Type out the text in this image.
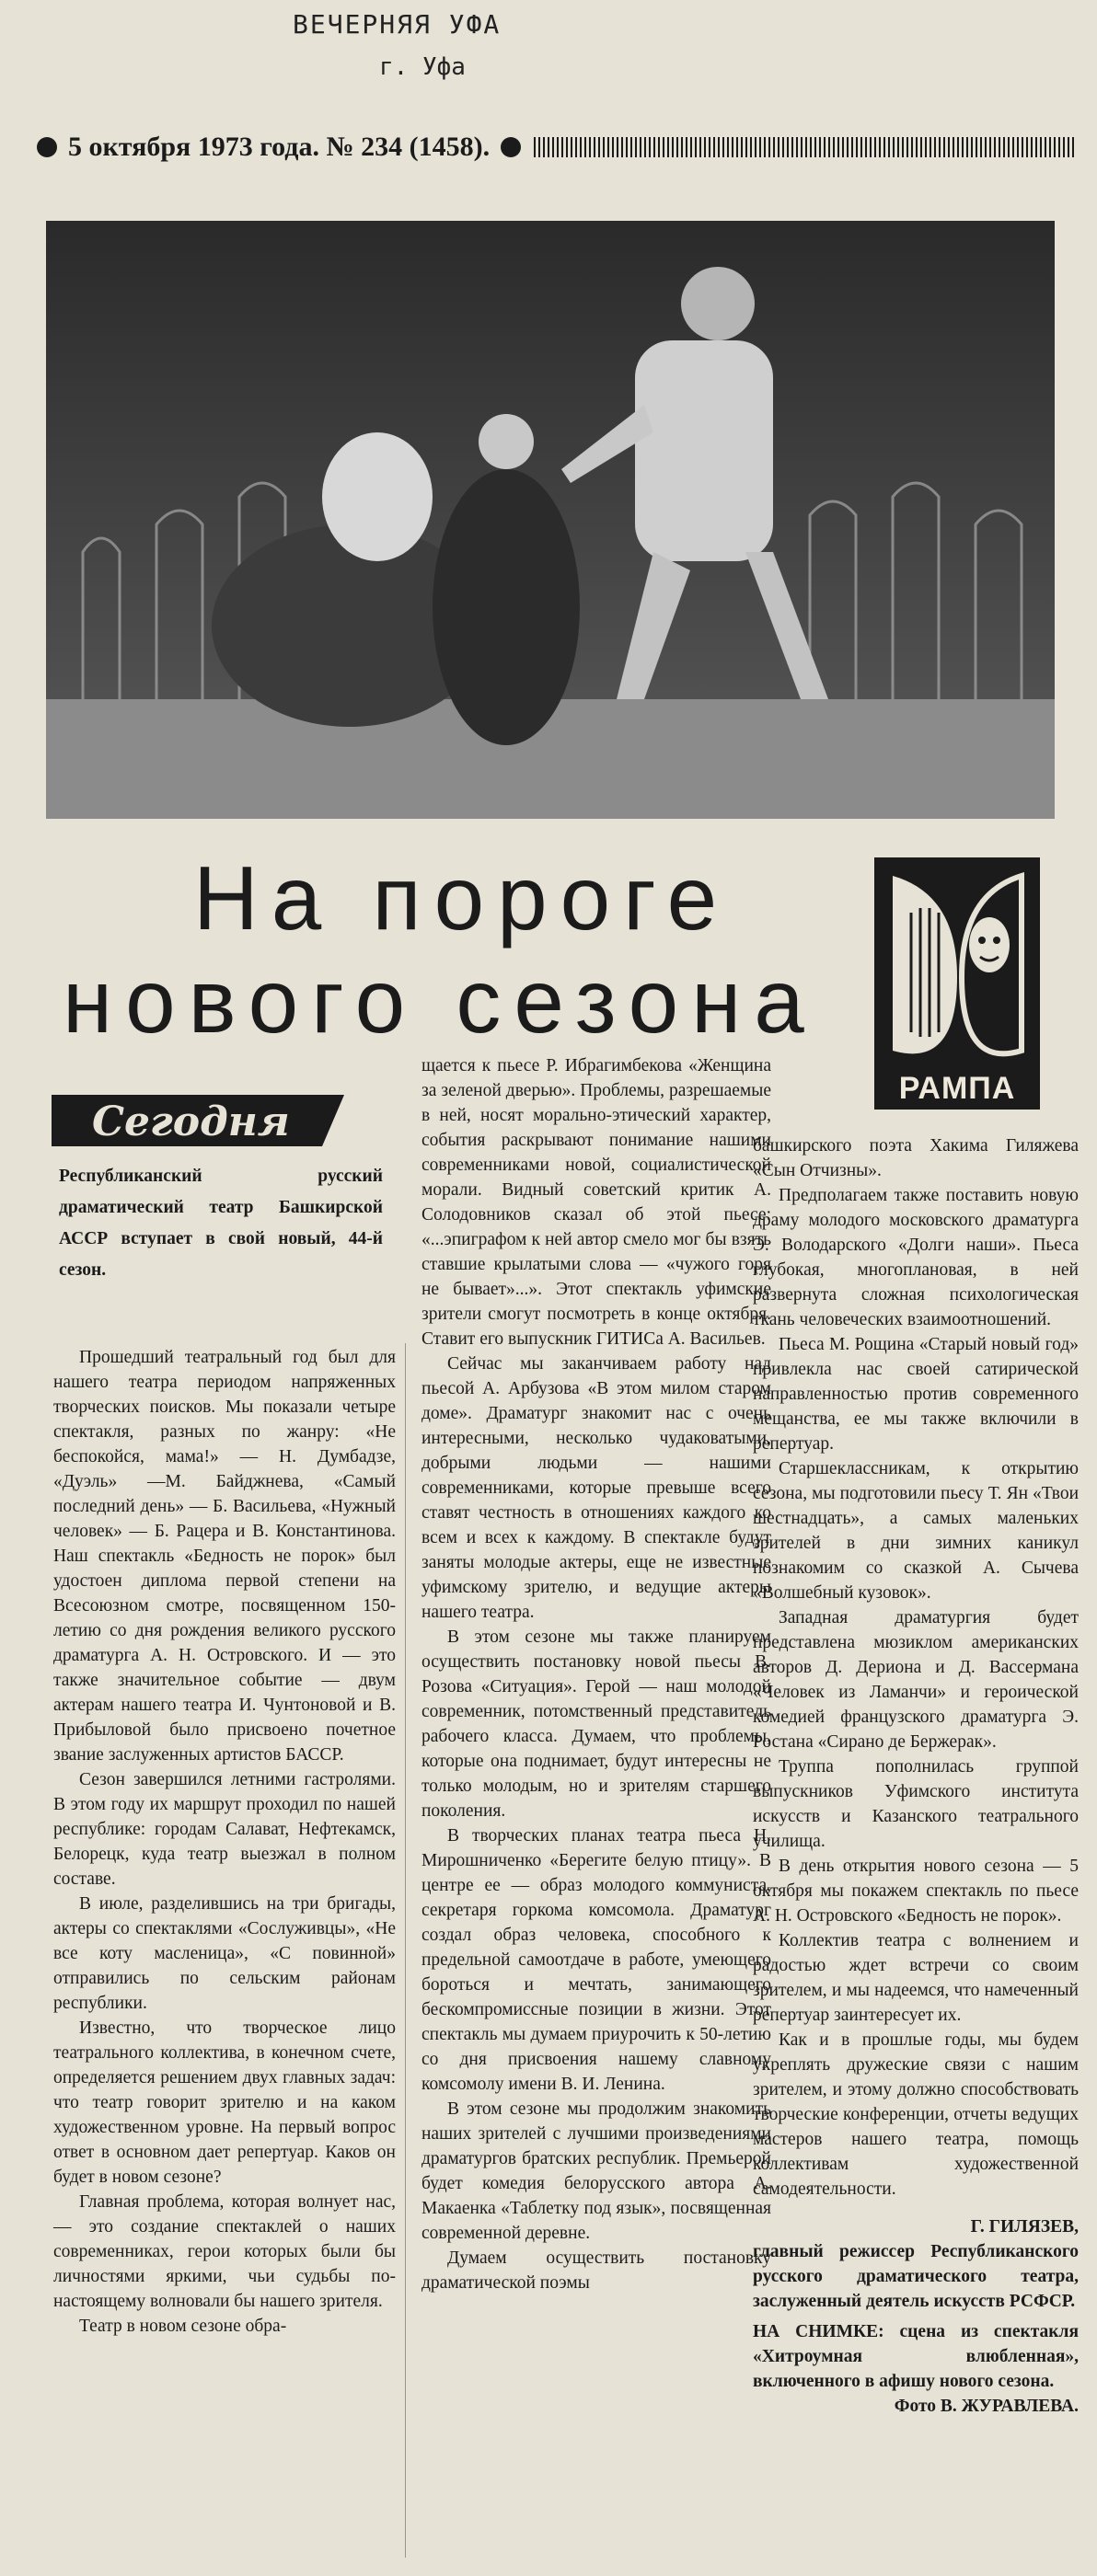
ВЕЧЕРНЯЯ УФА
г. Уфа
5 октября 1973 года. № 234 (1458).
На пороге
нового сезона
РАМПА
Сегодня
Республиканский русский драматический театр Башкирской АССР вступает в свой новый, 44-й сезон.

Прошедший театральный год был для нашего театра периодом напряженных творческих поисков. Мы показали четыре спектакля, разных по жанру: «Не беспокойся, мама!» — Н. Думбадзе, «Дуэль» —М. Байджнева, «Самый последний день» — Б. Васильева, «Нужный человек» — Б. Рацера и В. Константинова. Наш спектакль «Бедность не порок» был удостоен диплома первой степени на Всесоюзном смотре, посвященном 150-летию со дня рождения великого русского драматурга А. Н. Островского. И — это также значительное событие — двум актерам нашего театра И. Чунтоновой и В. Прибыловой было присвоено почетное звание заслуженных артистов БАССР.

Сезон завершился летними гастролями. В этом году их маршрут проходил по нашей республике: городам Салават, Нефтекамск, Белорецк, куда театр выезжал в полном составе.

В июле, разделившись на три бригады, актеры со спектаклями «Сослуживцы», «Не все коту масленица», «С повинной» отправились по сельским районам республики.

Известно, что творческое лицо театрального коллектива, в конечном счете, определяется решением двух главных задач: что театр говорит зрителю и на каком художественном уровне. На первый вопрос ответ в основном дает репертуар. Каков он будет в новом сезоне?

Главная проблема, которая волнует нас, — это создание спектаклей о наших современниках, герои которых были бы личностями яркими, чьи судьбы по-настоящему волновали бы нашего зрителя.

Театр в новом сезоне обра-

щается к пьесе Р. Ибрагимбекова «Женщина за зеленой дверью». Проблемы, разрешаемые в ней, носят морально-этический характер, события раскрывают понимание нашими современниками новой, социалистической морали. Видный советский критик А. Солодовников сказал об этой пьесе: «...эпиграфом к ней автор смело мог бы взять ставшие крылатыми слова — «чужого горя не бывает»...». Этот спектакль уфимские зрители смогут посмотреть в конце октября. Ставит его выпускник ГИТИСа А. Васильев.

Сейчас мы заканчиваем работу над пьесой А. Арбузова «В этом милом старом доме». Драматург знакомит нас с очень интересными, несколько чудаковатыми, добрыми людьми — нашими современниками, которые превыше всего ставят честность в отношениях каждого ко всем и всех к каждому. В спектакле будут заняты молодые актеры, еще не известные уфимскому зрителю, и ведущие актеры нашего театра.

В этом сезоне мы также планируем осуществить постановку новой пьесы В. Розова «Ситуация». Герой — наш молодой современник, потомственный представитель рабочего класса. Думаем, что проблемы, которые она поднимает, будут интересны не только молодым, но и зрителям старшего поколения.

В творческих планах театра пьеса Н. Мирошниченко «Берегите белую птицу». В центре ее — образ молодого коммуниста, секретаря горкома комсомола. Драматург создал образ человека, способного к предельной самоотдаче в работе, умеющего бороться и мечтать, занимающего бескомпромиссные позиции в жизни. Этот спектакль мы думаем приурочить к 50-летию со дня присвоения нашему славному комсомолу имени В. И. Ленина.

В этом сезоне мы продолжим знакомить наших зрителей с лучшими произведениями драматургов братских республик. Премьерой будет комедия белорусского автора А. Макаенка «Таблетку под язык», посвященная современной деревне.

Думаем осуществить постановку драматической поэмы

башкирского поэта Хакима Гиляжева «Сын Отчизны».

Предполагаем также поставить новую драму молодого московского драматурга Э. Володарского «Долги наши». Пьеса глубокая, многоплановая, в ней развернута сложная психологическая ткань человеческих взаимоотношений.

Пьеса М. Рощина «Старый новый год» привлекла нас своей сатирической направленностью против современного мещанства, ее мы также включили в репертуар.

Старшеклассникам, к открытию сезона, мы подготовили пьесу Т. Ян «Твои шестнадцать», а самых маленьких зрителей в дни зимних каникул познакомим со сказкой А. Сычева «Волшебный кузовок».

Западная драматургия будет представлена мюзиклом американских авторов Д. Дериона и Д. Вассермана «Человек из Ламанчи» и героической комедией французского драматурга Э. Ростана «Сирано де Бержерак».

Труппа пополнилась группой выпускников Уфимского института искусств и Казанского театрального училища.

В день открытия нового сезона — 5 октября мы покажем спектакль по пьесе А. Н. Островского «Бедность не порок».

Коллектив театра с волнением и радостью ждет встречи со своим зрителем, и мы надеемся, что намеченный репертуар заинтересует их.

Как и в прошлые годы, мы будем укреплять дружеские связи с нашим зрителем, и этому должно способствовать творческие конференции, отчеты ведущих мастеров нашего театра, помощь коллективам художественной самодеятельности.

Г. ГИЛЯЗЕВ,
главный режиссер Республиканского русского драматического театра, заслуженный деятель искусств РСФСР.
НА СНИМКЕ: сцена из спектакля «Хитроумная влюбленная», включенного в афишу нового сезона.
Фото В. ЖУРАВЛЕВА.
